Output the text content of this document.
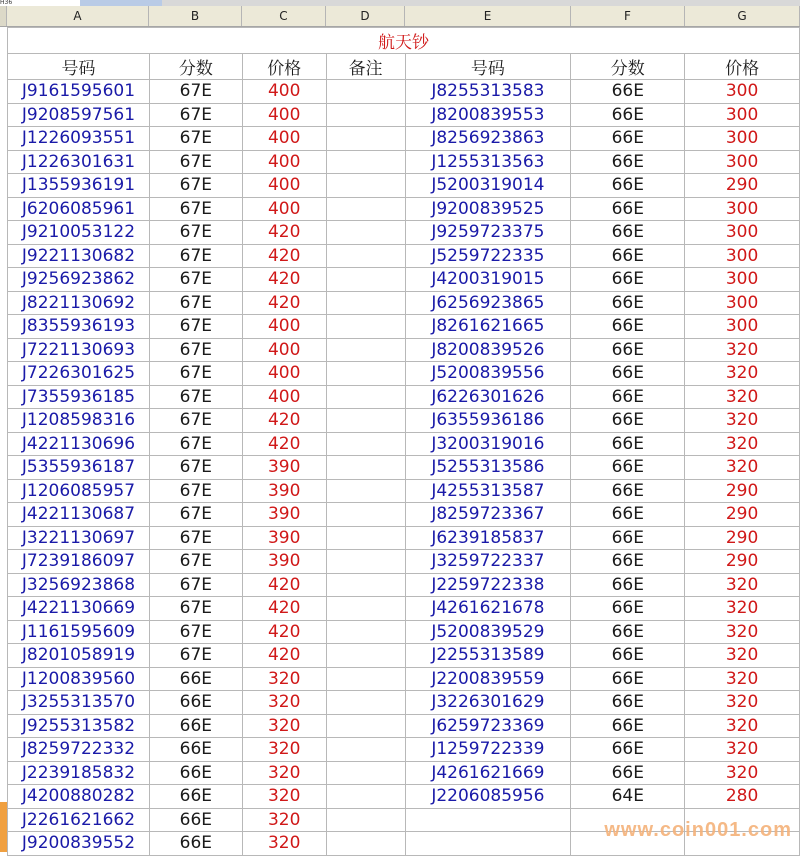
H36
A	B	C	D	E	F	G
航天钞						
号码	分数	价格	备注	号码	分数	价格
J9161595601	67E	400		J8255313583	66E	300
J9208597561	67E	400		J8200839553	66E	300
J1226093551	67E	400		J8256923863	66E	300
J1226301631	67E	400		J1255313563	66E	300
J1355936191	67E	400		J5200319014	66E	290
J6206085961	67E	400		J9200839525	66E	300
J9210053122	67E	420		J9259723375	66E	300
J9221130682	67E	420		J5259722335	66E	300
J9256923862	67E	420		J4200319015	66E	300
J8221130692	67E	420		J6256923865	66E	300
J8355936193	67E	400		J8261621665	66E	300
J7221130693	67E	400		J8200839526	66E	320
J7226301625	67E	400		J5200839556	66E	320
J7355936185	67E	400		J6226301626	66E	320
J1208598316	67E	420		J6355936186	66E	320
J4221130696	67E	420		J3200319016	66E	320
J5355936187	67E	390		J5255313586	66E	320
J1206085957	67E	390		J4255313587	66E	290
J4221130687	67E	390		J8259723367	66E	290
J3221130697	67E	390		J6239185837	66E	290
J7239186097	67E	390		J3259722337	66E	290
J3256923868	67E	420		J2259722338	66E	320
J4221130669	67E	420		J4261621678	66E	320
J1161595609	67E	420		J5200839529	66E	320
J8201058919	67E	420		J2255313589	66E	320
J1200839560	66E	320		J2200839559	66E	320
J3255313570	66E	320		J3226301629	66E	320
J9255313582	66E	320		J6259723369	66E	320
J8259722332	66E	320		J1259722339	66E	320
J2239185832	66E	320		J4261621669	66E	320
J4200880282	66E	320		J2206085956	64E	280
J2261621662	66E	320				
J9200839552	66E	320				
www.coin001.com
